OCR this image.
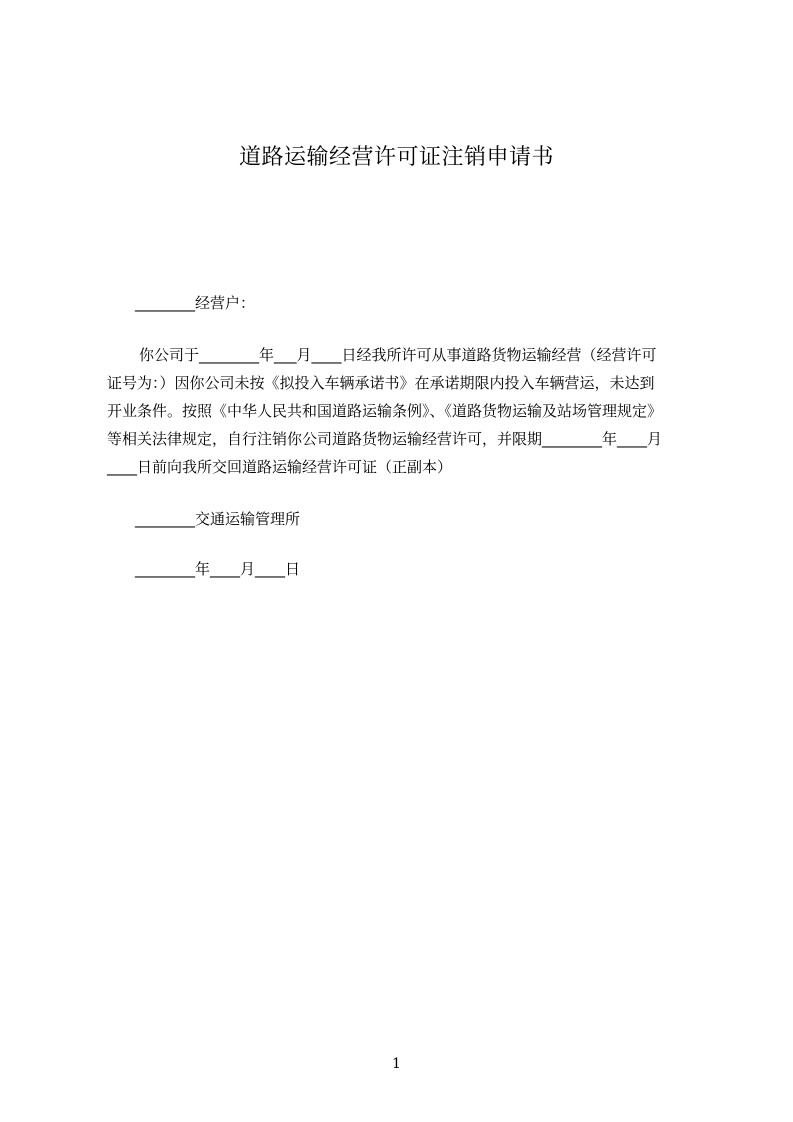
道路运输经营许可证注销申请书
________经营户：
你公司于________年___月____日经我所许可从事道路货物运输经营（经营许可
证号为：）因你公司未按《拟投入车辆承诺书》在承诺期限内投入车辆营运，未达到
开业条件。按照《中华人民共和国道路运输条例》、《道路货物运输及站场管理规定》
等相关法律规定，自行注销你公司道路货物运输经营许可，并限期________年____月
____日前向我所交回道路运输经营许可证（正副本）
________交通运输管理所
________年____月____日
1
